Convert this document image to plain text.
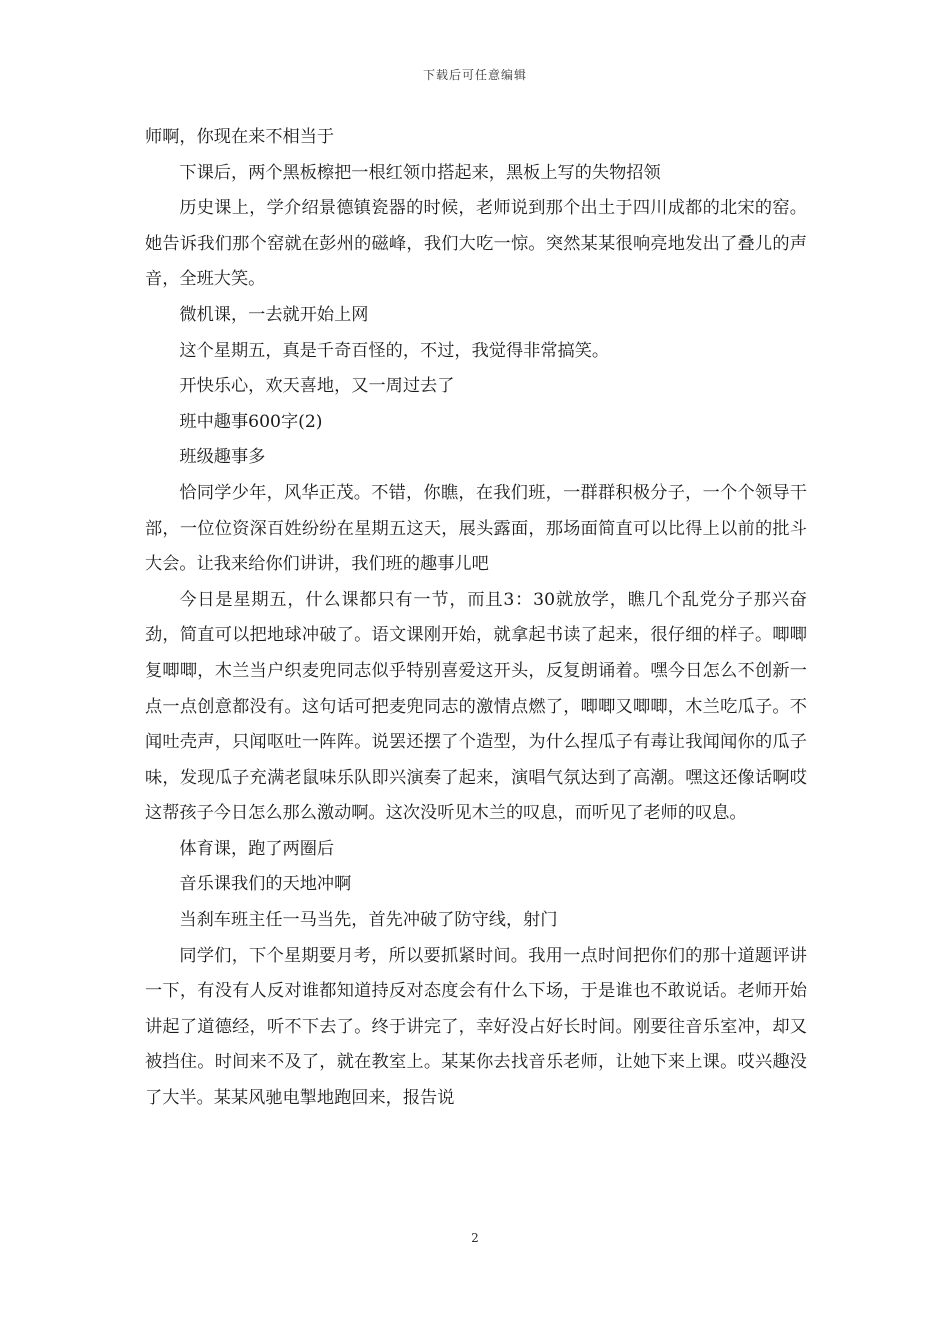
下载后可任意编辑

师啊，你现在来不相当于

下课后，两个黑板檫把一根红领巾搭起来，黑板上写的失物招领

历史课上，学介绍景德镇瓷器的时候，老师说到那个出土于四川成都的北宋的窑。她告诉我们那个窑就在彭州的磁峰，我们大吃一惊。突然某某很响亮地发出了叠儿的声音，全班大笑。

微机课，一去就开始上网

这个星期五，真是千奇百怪的，不过，我觉得非常搞笑。

开快乐心，欢天喜地，又一周过去了

班中趣事600字(2)

班级趣事多

恰同学少年，风华正茂。不错，你瞧，在我们班，一群群积极分子，一个个领导干部，一位位资深百姓纷纷在星期五这天，展头露面，那场面简直可以比得上以前的批斗大会。让我来给你们讲讲，我们班的趣事儿吧

今日是星期五，什么课都只有一节，而且3：30就放学，瞧几个乱党分子那兴奋劲，简直可以把地球冲破了。语文课刚开始，就拿起书读了起来，很仔细的样子。唧唧复唧唧，木兰当户织麦兜同志似乎特别喜爱这开头，反复朗诵着。嘿今日怎么不创新一点一点创意都没有。这句话可把麦兜同志的激情点燃了，唧唧又唧唧，木兰吃瓜子。不闻吐壳声，只闻呕吐一阵阵。说罢还摆了个造型，为什么捏瓜子有毒让我闻闻你的瓜子味，发现瓜子充满老鼠味乐队即兴演奏了起来，演唱气氛达到了高潮。嘿这还像话啊哎这帮孩子今日怎么那么激动啊。这次没听见木兰的叹息，而听见了老师的叹息。

体育课，跑了两圈后

音乐课我们的天地冲啊

当刹车班主任一马当先，首先冲破了防守线，射门

同学们，下个星期要月考，所以要抓紧时间。我用一点时间把你们的那十道题评讲一下，有没有人反对谁都知道持反对态度会有什么下场，于是谁也不敢说话。老师开始讲起了道德经，听不下去了。终于讲完了，幸好没占好长时间。刚要往音乐室冲，却又被挡住。时间来不及了，就在教室上。某某你去找音乐老师，让她下来上课。哎兴趣没了大半。某某风驰电掣地跑回来，报告说

2
